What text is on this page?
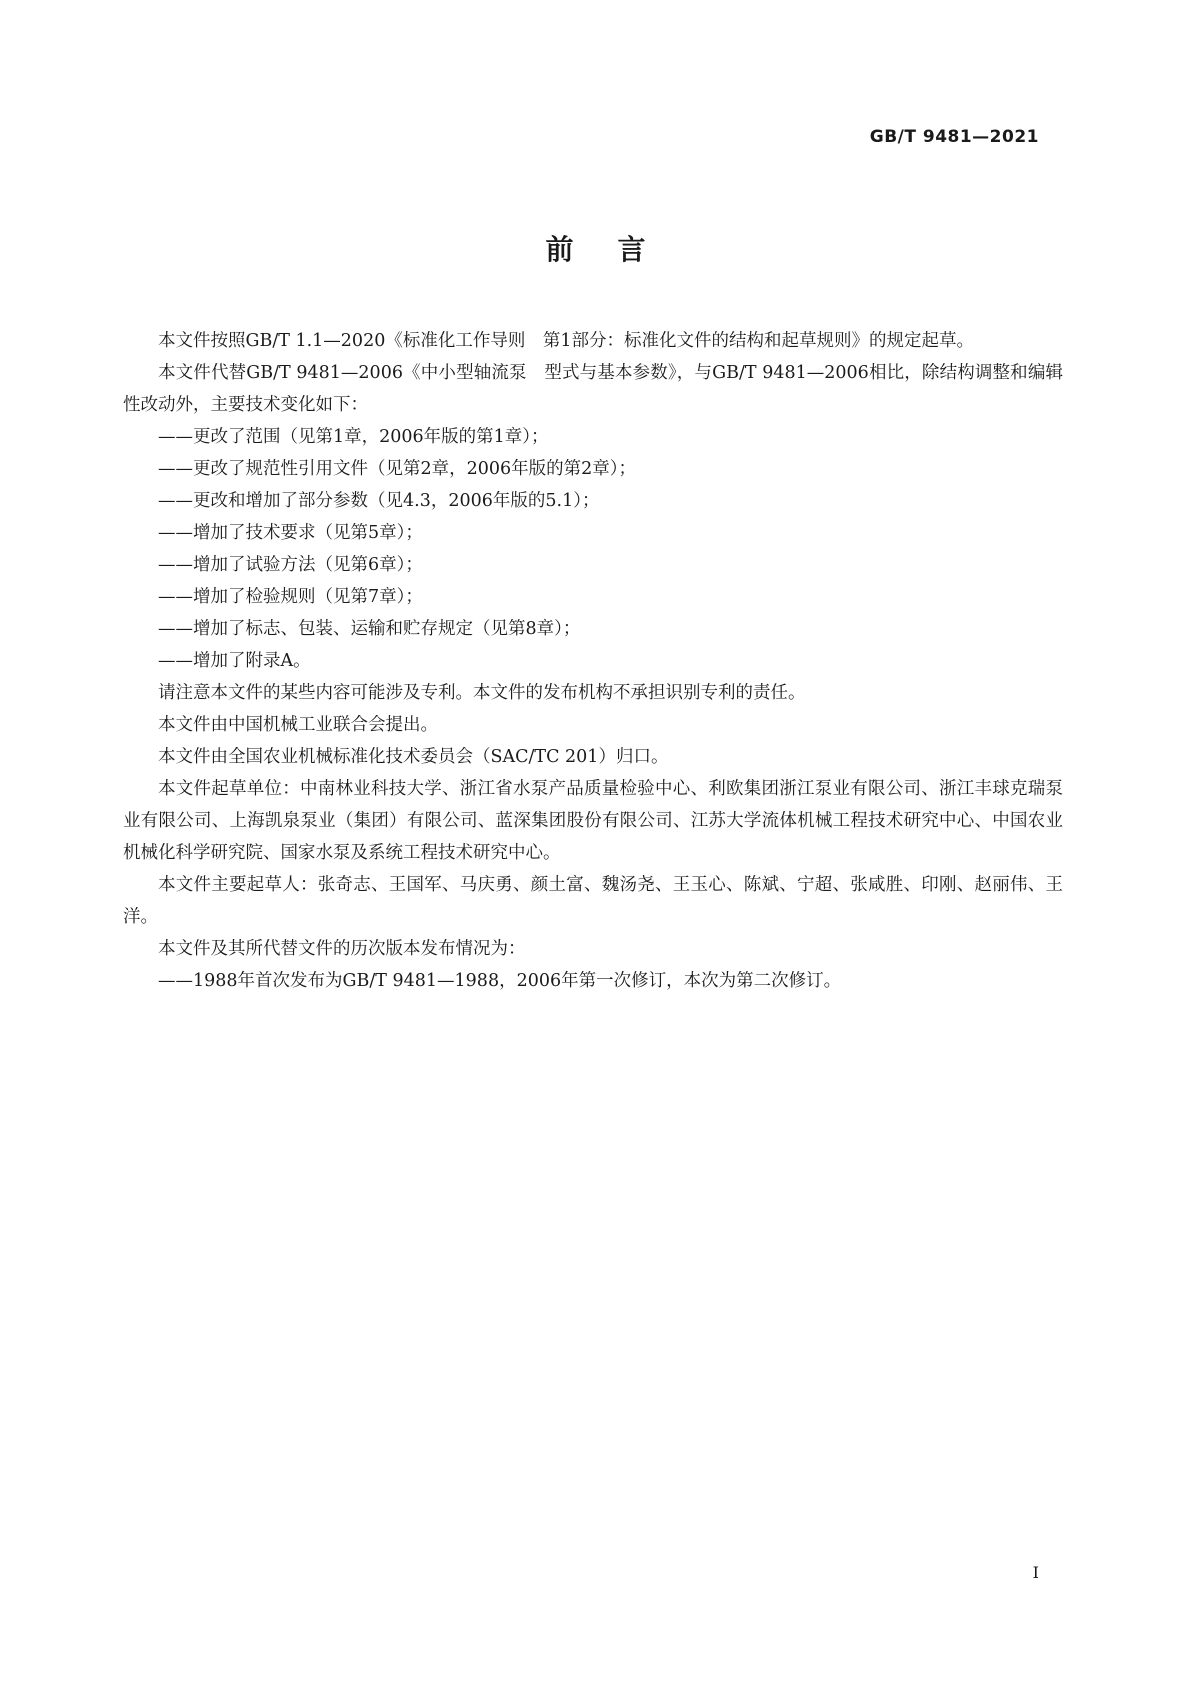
GB/T 9481—2021
前言

本文件按照GB/T 1.1—2020《标准化工作导则　第1部分：标准化文件的结构和起草规则》的规定起草。

本文件代替GB/T 9481—2006《中小型轴流泵　型式与基本参数》，与GB/T 9481—2006相比，除结构调整和编辑性改动外，主要技术变化如下：

——更改了范围（见第1章，2006年版的第1章）；

——更改了规范性引用文件（见第2章，2006年版的第2章）；

——更改和增加了部分参数（见4.3，2006年版的5.1）；

——增加了技术要求（见第5章）；

——增加了试验方法（见第6章）；

——增加了检验规则（见第7章）；

——增加了标志、包装、运输和贮存规定（见第8章）；

——增加了附录A。

请注意本文件的某些内容可能涉及专利。本文件的发布机构不承担识别专利的责任。

本文件由中国机械工业联合会提出。

本文件由全国农业机械标准化技术委员会（SAC/TC 201）归口。

本文件起草单位：中南林业科技大学、浙江省水泵产品质量检验中心、利欧集团浙江泵业有限公司、浙江丰球克瑞泵业有限公司、上海凯泉泵业（集团）有限公司、蓝深集团股份有限公司、江苏大学流体机械工程技术研究中心、中国农业机械化科学研究院、国家水泵及系统工程技术研究中心。

本文件主要起草人：张奇志、王国军、马庆勇、颜土富、魏汤尧、王玉心、陈斌、宁超、张咸胜、印刚、赵丽伟、王洋。

本文件及其所代替文件的历次版本发布情况为：

——1988年首次发布为GB/T 9481—1988，2006年第一次修订，本次为第二次修订。

I
